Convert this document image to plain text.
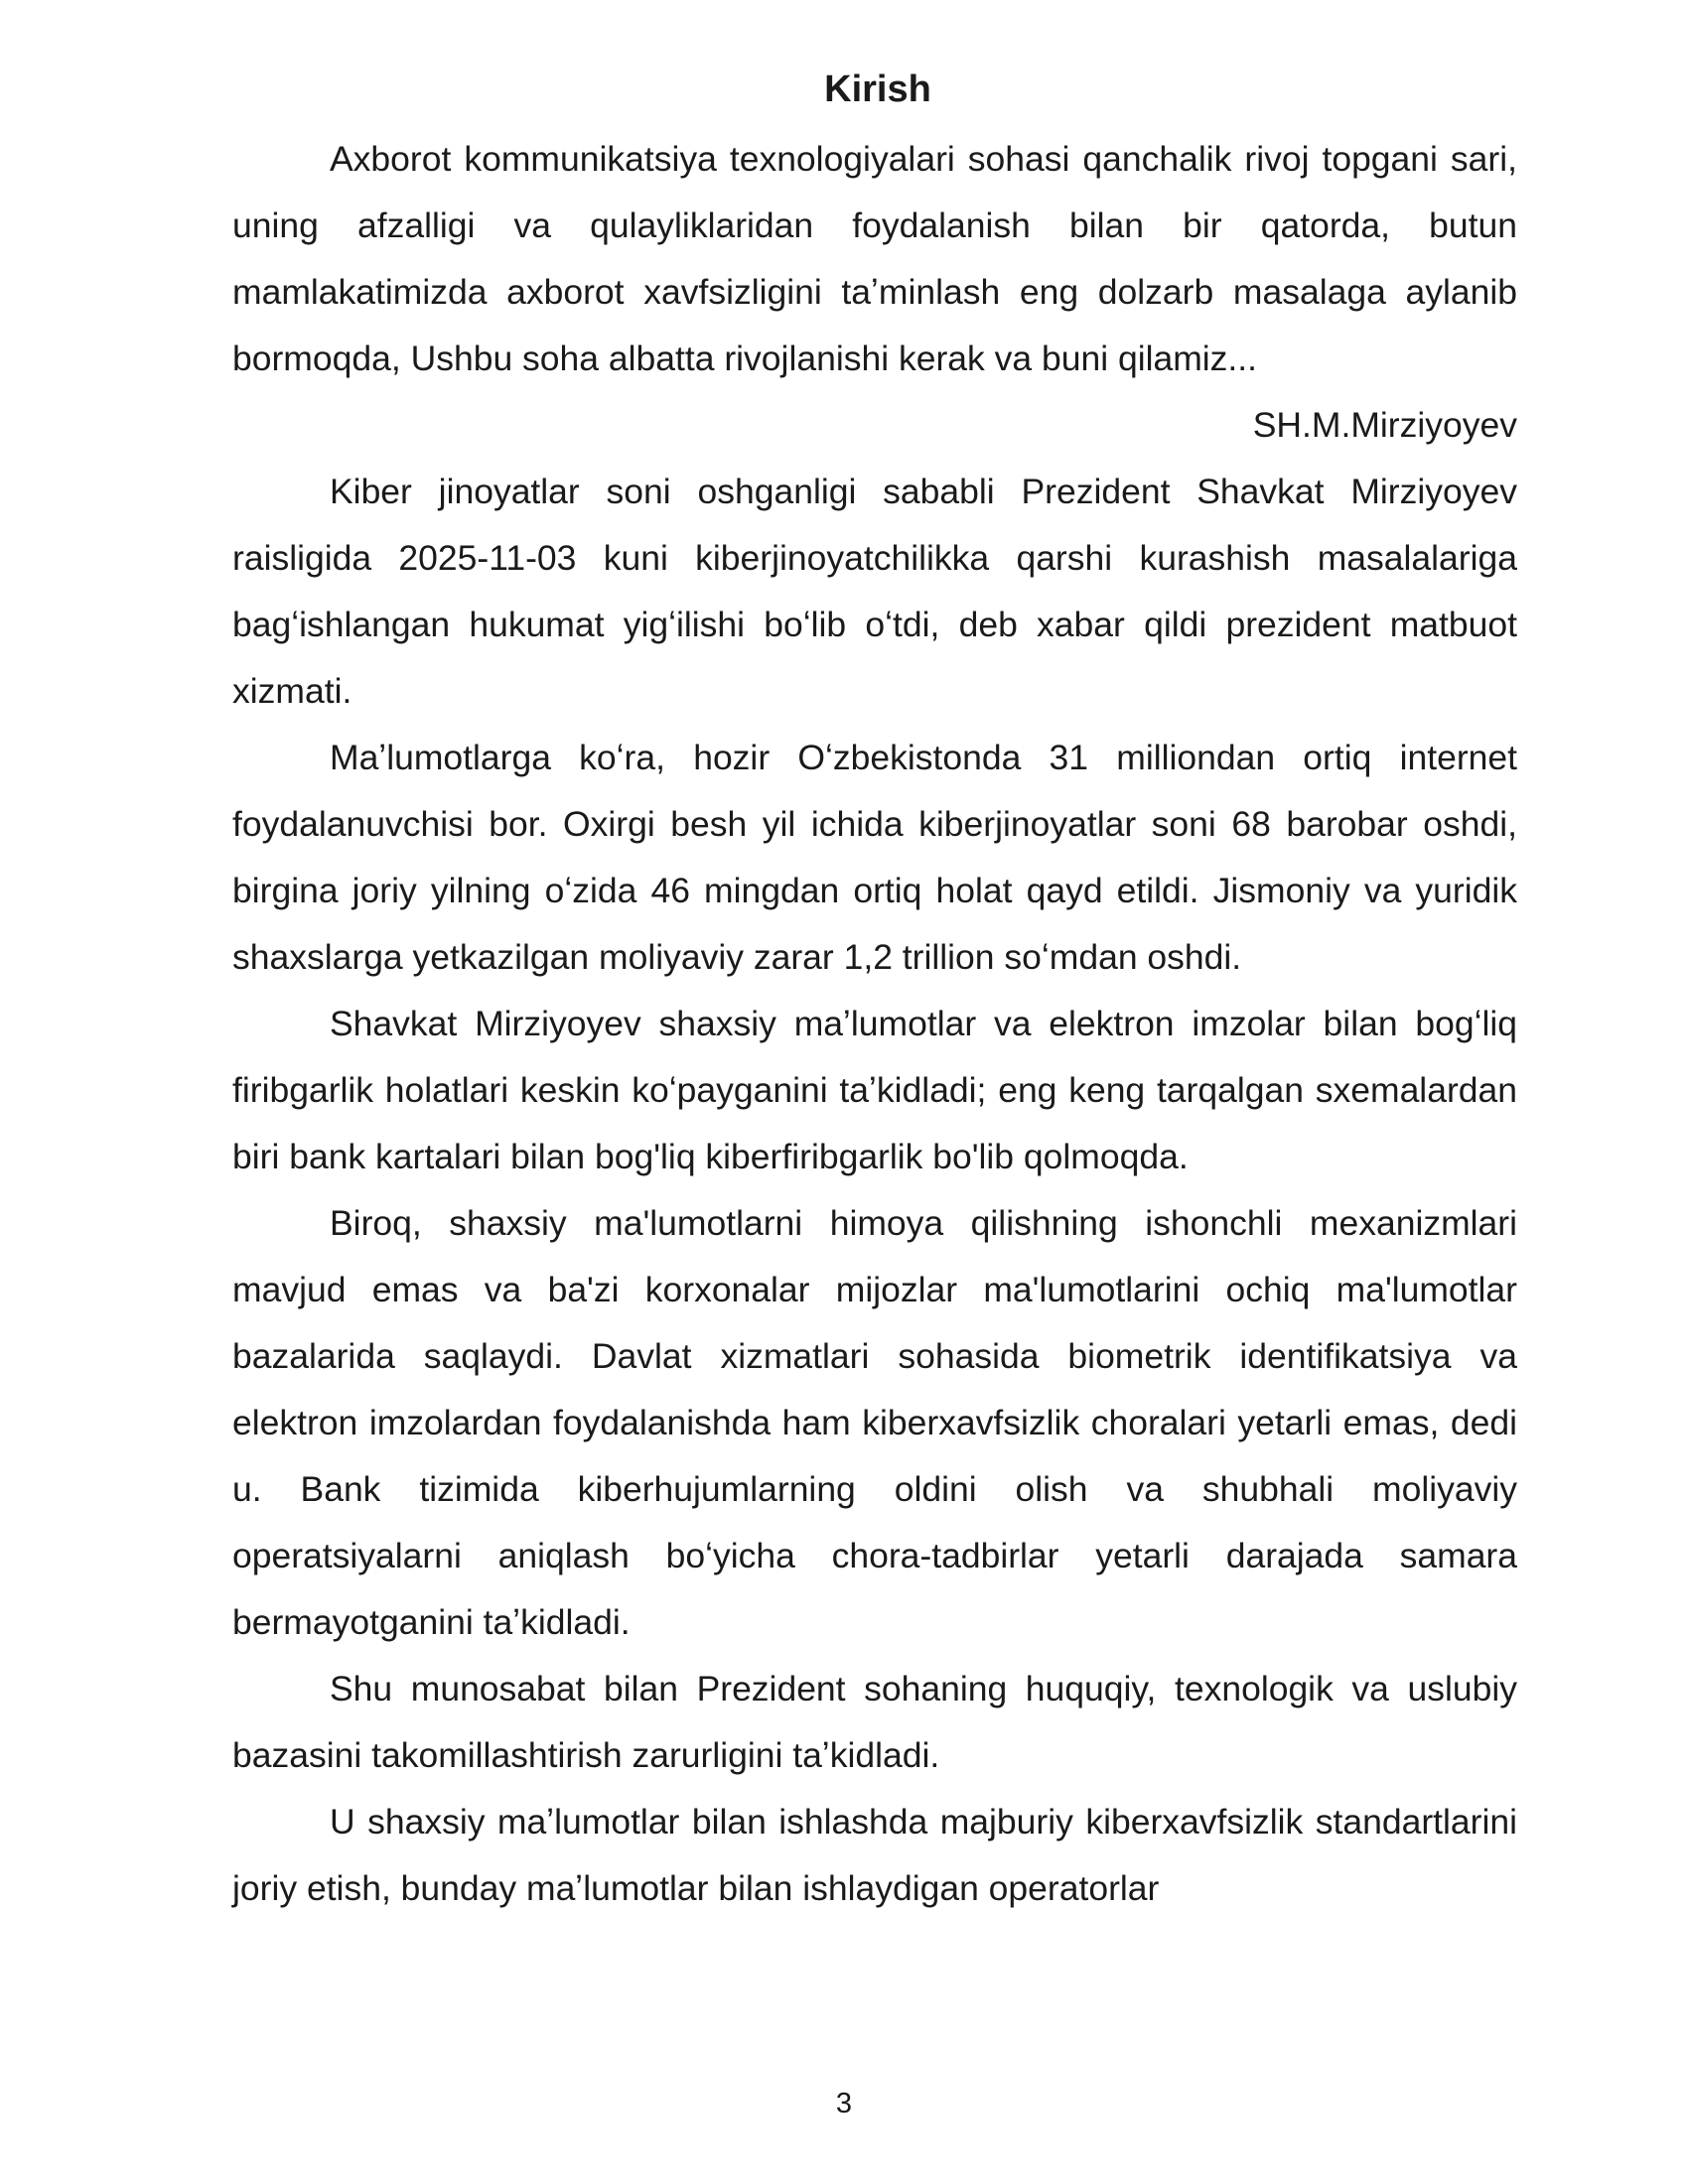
Kirish

Axborot kommunikatsiya texnologiyalari sohasi qanchalik rivoj topgani sari, uning afzalligi va qulayliklaridan foydalanish bilan bir qatorda, butun mamlakatimizda axborot xavfsizligini taʼminlash eng dolzarb masalaga aylanib bormoqda, Ushbu soha albatta rivojlanishi kerak va buni qilamiz...

SH.M.Mirziyoyev

Kiber jinoyatlar soni oshganligi sababli Prezident Shavkat Mirziyoyev raisligida 2025-11-03 kuni kiberjinoyatchilikka qarshi kurashish masalalariga bagʻishlangan hukumat yigʻilishi boʻlib oʻtdi, deb xabar qildi prezident matbuot xizmati.

Maʼlumotlarga koʻra, hozir Oʻzbekistonda 31 milliondan ortiq internet foydalanuvchisi bor. Oxirgi besh yil ichida kiberjinoyatlar soni 68 barobar oshdi, birgina joriy yilning oʻzida 46 mingdan ortiq holat qayd etildi. Jismoniy va yuridik shaxslarga yetkazilgan moliyaviy zarar 1,2 trillion soʻmdan oshdi.

Shavkat Mirziyoyev shaxsiy maʼlumotlar va elektron imzolar bilan bogʻliq firibgarlik holatlari keskin koʻpayganini taʼkidladi; eng keng tarqalgan sxemalardan biri bank kartalari bilan bog'liq kiberfiribgarlik bo'lib qolmoqda.

Biroq, shaxsiy ma'lumotlarni himoya qilishning ishonchli mexanizmlari mavjud emas va ba'zi korxonalar mijozlar ma'lumotlarini ochiq ma'lumotlar bazalarida saqlaydi. Davlat xizmatlari sohasida biometrik identifikatsiya va elektron imzolardan foydalanishda ham kiberxavfsizlik choralari yetarli emas, dedi u. Bank tizimida kiberhujumlarning oldini olish va shubhali moliyaviy operatsiyalarni aniqlash boʻyicha chora-tadbirlar yetarli darajada samara bermayotganini taʼkidladi.

Shu munosabat bilan Prezident sohaning huquqiy, texnologik va uslubiy bazasini takomillashtirish zarurligini taʼkidladi.

U shaxsiy maʼlumotlar bilan ishlashda majburiy kiberxavfsizlik standartlarini joriy etish, bunday maʼlumotlar bilan ishlaydigan operatorlar

3
